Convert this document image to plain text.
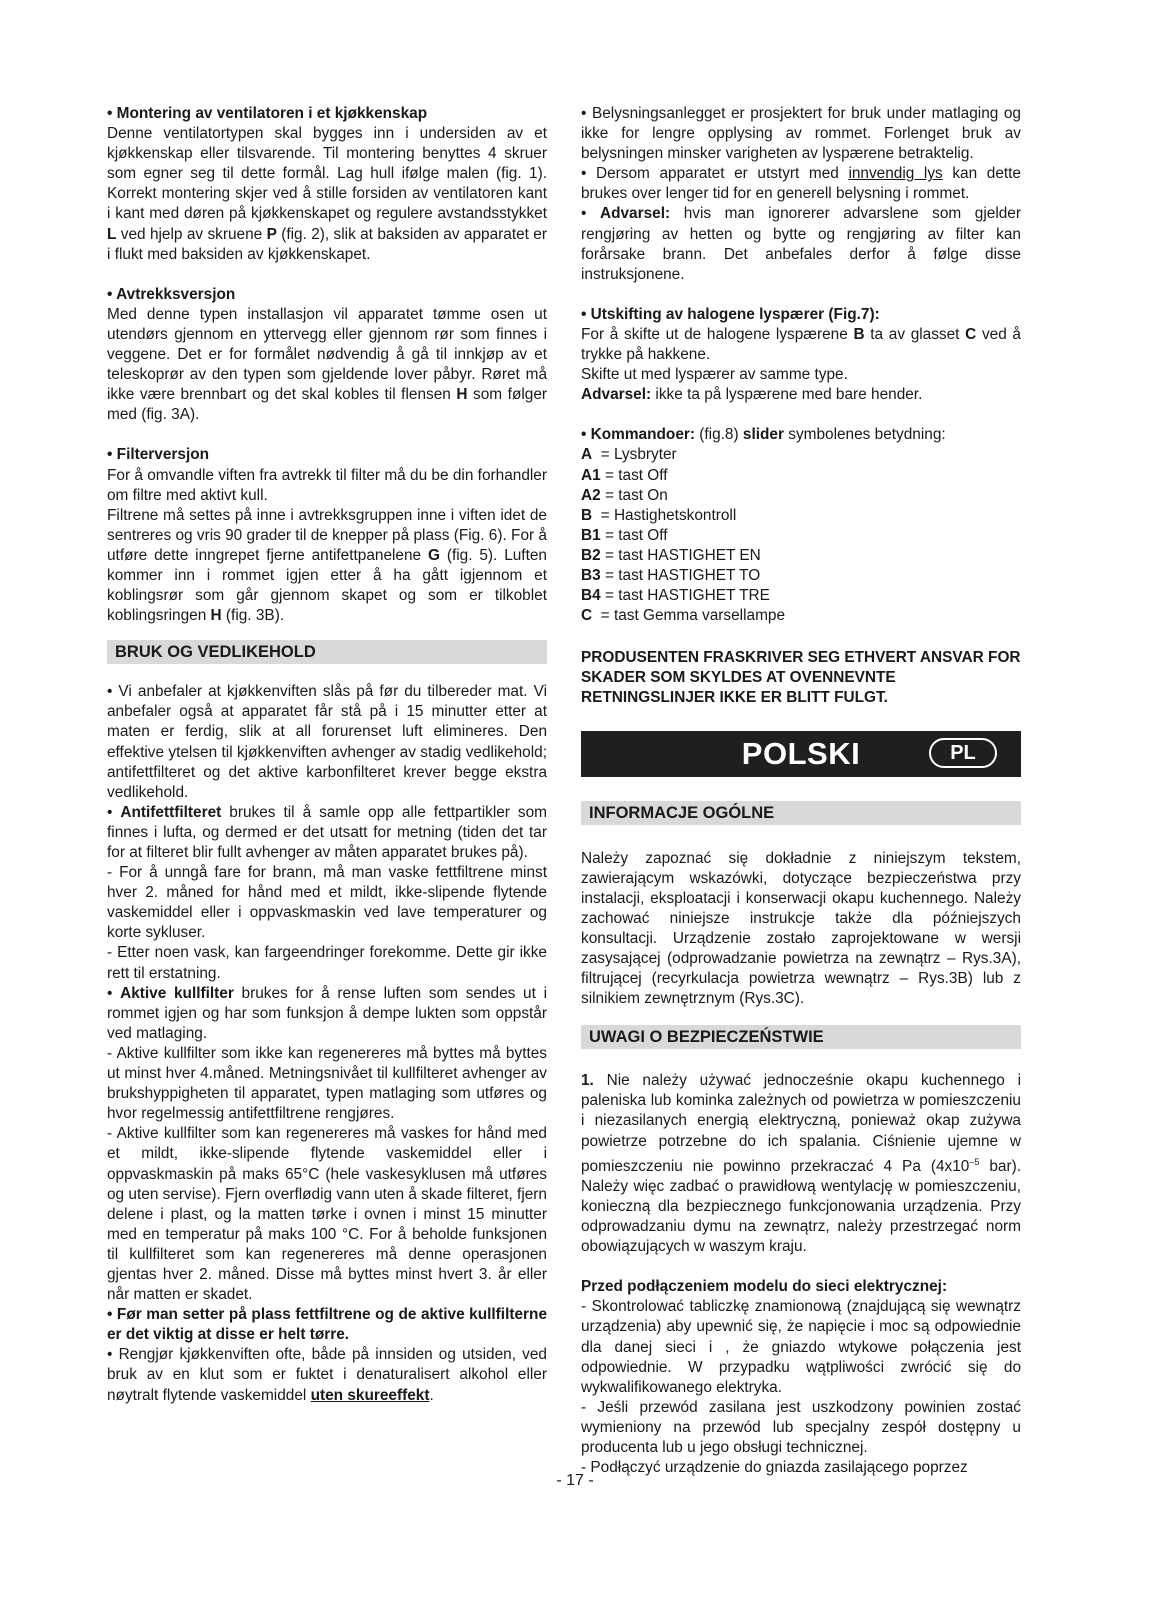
• Montering av ventilatoren i et kjøkkenskap

Denne ventilatortypen skal bygges inn i undersiden av et kjøkkenskap eller tilsvarende. Til montering benyttes 4 skruer som egner seg til dette formål. Lag hull ifølge malen (fig. 1). Korrekt montering skjer ved å stille forsiden av ventilatoren kant i kant med døren på kjøkkenskapet og regulere avstandsstykket L ved hjelp av skruene P (fig. 2), slik at baksiden av apparatet er i flukt med baksiden av kjøkkenskapet.

• Avtrekksversjon

Med denne typen installasjon vil apparatet tømme osen ut utendørs gjennom en yttervegg eller gjennom rør som finnes i veggene. Det er for formålet nødvendig å gå til innkjøp av et teleskoprør av den typen som gjeldende lover påbyr. Røret må ikke være brennbart og det skal kobles til flensen H som følger med (fig. 3A).

• Filterversjon

For å omvandle viften fra avtrekk til filter må du be din forhandler om filtre med aktivt kull.

Filtrene må settes på inne i avtrekksgruppen inne i viften idet de sentreres og vris 90 grader til de knepper på plass (Fig. 6). For å utføre dette inngrepet fjerne antifettpanelene G (fig. 5). Luften kommer inn i rommet igjen etter å ha gått igjennom et koblingsrør som går gjennom skapet og som er tilkoblet koblingsringen H (fig. 3B).

BRUK OG VEDLIKEHOLD

• Vi anbefaler at kjøkkenviften slås på før du tilbereder mat. Vi anbefaler også at apparatet får stå på i 15 minutter etter at maten er ferdig, slik at all forurenset luft elimineres. Den effektive ytelsen til kjøkkenviften avhenger av stadig vedlikehold; antifettfilteret og det aktive karbonfilteret krever begge ekstra vedlikehold.

• Antifettfilteret brukes til å samle opp alle fettpartikler som finnes i lufta, og dermed er det utsatt for metning (tiden det tar for at filteret blir fullt avhenger av måten apparatet brukes på).

- For å unngå fare for brann, må man vaske fettfiltrene minst hver 2. måned for hånd med et mildt, ikke-slipende flytende vaskemiddel eller i oppvaskmaskin ved lave temperaturer og korte sykluser.

- Etter noen vask, kan fargeendringer forekomme. Dette gir ikke rett til erstatning.

• Aktive kullfilter brukes for å rense luften som sendes ut i rommet igjen og har som funksjon å dempe lukten som oppstår ved matlaging.

- Aktive kullfilter som ikke kan regenereres må byttes må byttes ut minst hver 4.måned. Metningsnivået til kullfilteret avhenger av brukshyppigheten til apparatet, typen matlaging som utføres og hvor regelmessig antifettfiltrene rengjøres.

- Aktive kullfilter som kan regenereres må vaskes for hånd med et mildt, ikke-slipende flytende vaskemiddel eller i oppvaskmaskin på maks 65°C (hele vaskesyklusen må utføres og uten servise). Fjern overflødig vann uten å skade filteret, fjern delene i plast, og la matten tørke i ovnen i minst 15 minutter med en temperatur på maks 100 °C. For å beholde funksjonen til kullfilteret som kan regenereres må denne operasjonen gjentas hver 2. måned. Disse må byttes minst hvert 3. år eller når matten er skadet.

• Før man setter på plass fettfiltrene og de aktive kullfilterne er det viktig at disse er helt tørre.

• Rengjør kjøkkenviften ofte, både på innsiden og utsiden, ved bruk av en klut som er fuktet i denaturalisert alkohol eller nøytralt flytende vaskemiddel uten skureeffekt.

• Belysningsanlegget er prosjektert for bruk under matlaging og ikke for lengre opplysing av rommet. Forlenget bruk av belysningen minsker varigheten av lyspærene betraktelig.

• Dersom apparatet er utstyrt med innvendig lys kan dette brukes over lenger tid for en generell belysning i rommet.

• Advarsel: hvis man ignorerer advarslene som gjelder rengjøring av hetten og bytte og rengjøring av filter kan forårsake brann. Det anbefales derfor å følge disse instruksjonene.

• Utskifting av halogene lyspærer (Fig.7):

For å skifte ut de halogene lyspærene B ta av glasset C ved å trykke på hakkene.

Skifte ut med lyspærer av samme type.

Advarsel: ikke ta på lyspærene med bare hender.

• Kommandoer: (fig.8) slider symbolenes betydning:

A  = Lysbryter

A1 = tast Off

A2 = tast On

B  = Hastighetskontroll

B1 = tast Off

B2 = tast HASTIGHET EN

B3 = tast HASTIGHET TO

B4 = tast HASTIGHET TRE

C  = tast Gemma varsellampe

PRODUSENTEN FRASKRIVER SEG ETHVERT ANSVAR FOR SKADER SOM SKYLDES AT OVENNEVNTE RETNINGSLINJER IKKE ER BLITT FULGT.

POLSKI	PL
INFORMACJE OGÓLNE

Należy zapoznać się dokładnie z niniejszym tekstem, zawierającym wskazówki, dotyczące bezpieczeństwa przy instalacji, eksploatacji i konserwacji okapu kuchennego. Należy zachować niniejsze instrukcje także dla późniejszych konsultacji. Urządzenie zostało zaprojektowane w wersji zasysającej (odprowadzanie powietrza na zewnątrz – Rys.3A), filtrującej (recyrkulacja powietrza wewnątrz – Rys.3B) lub z silnikiem zewnętrznym (Rys.3C).

UWAGI O BEZPIECZEŃSTWIE

1. Nie należy używać jednocześnie okapu kuchennego i paleniska lub kominka zależnych od powietrza w pomieszczeniu i niezasilanych energią elektryczną, ponieważ okap zużywa powietrze potrzebne do ich spalania. Ciśnienie ujemne w pomieszczeniu nie powinno przekraczać 4 Pa ($4x10^{-5}$ bar). Należy więc zadbać o prawidłową wentylację w pomieszczeniu, konieczną dla bezpiecznego funkcjonowania urządzenia. Przy odprowadzaniu dymu na zewnątrz, należy przestrzegać norm obowiązujących w waszym kraju.

Przed podłączeniem modelu do sieci elektrycznej:

- Skontrolować tabliczkę znamionową (znajdującą się wewnątrz urządzenia) aby upewnić się, że napięcie i moc są odpowiednie dla danej sieci i , że gniazdo wtykowe połączenia jest odpowiednie. W przypadku wątpliwości zwrócić się do wykwalifikowanego elektryka.

- Jeśli przewód zasilana jest uszkodzony powinien zostać wymieniony na przewód lub specjalny zespół dostępny u producenta lub u jego obsługi technicznej.

- Podłączyć urządzenie do gniazda zasilającego poprzez

- 17 -
